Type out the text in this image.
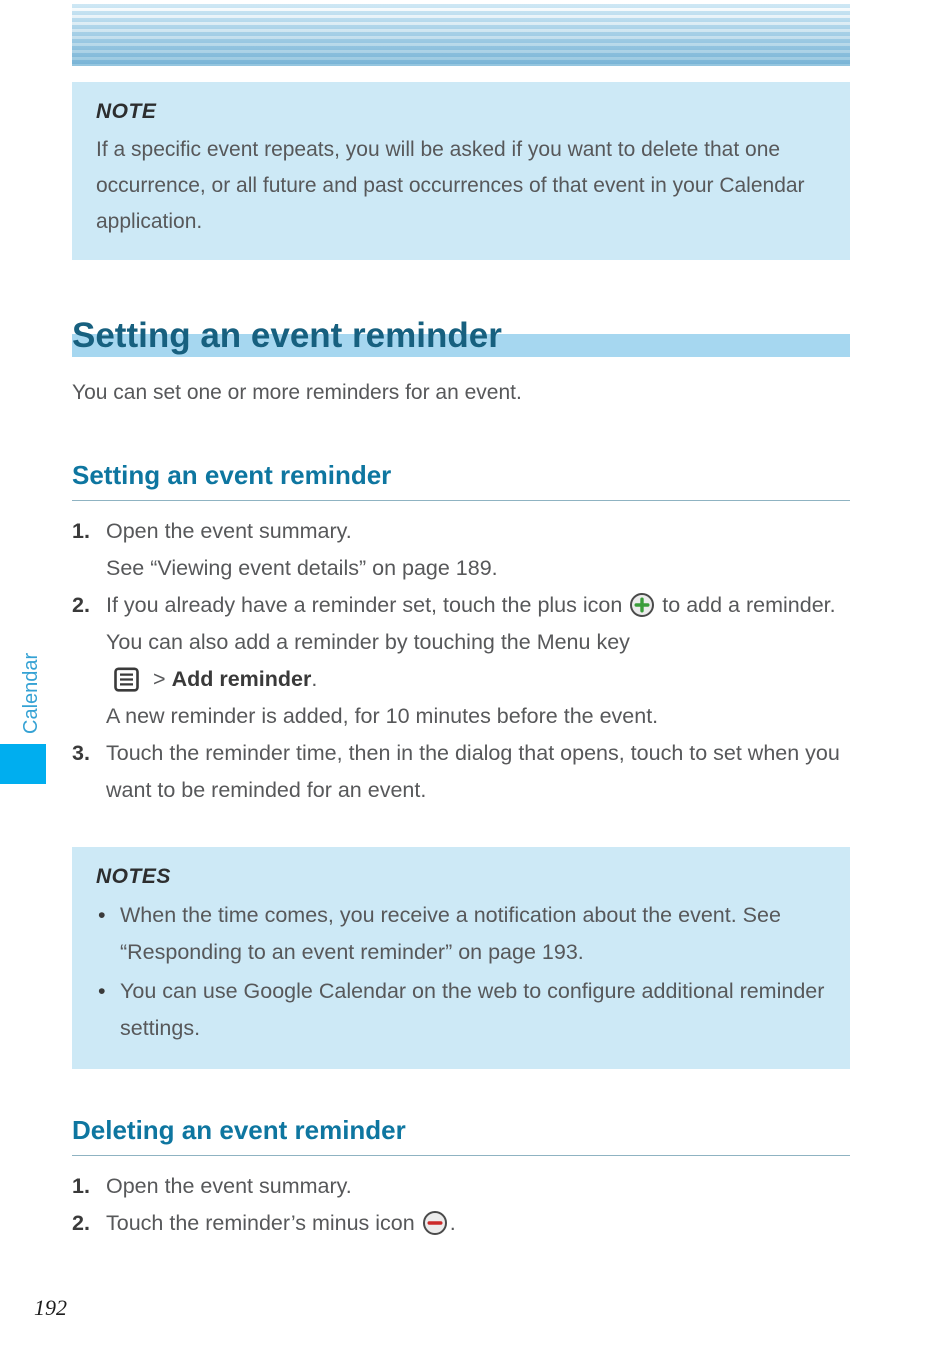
NOTE

If a specific event repeats, you will be asked if you want to delete that one occurrence, or all future and past occurrences of that event in your Calendar application.

Setting an event reminder

You can set one or more reminders for an event.

Setting an event reminder
1. Open the event summary.

See “Viewing event details” on page 189.

2. If you already have a reminder set, touch the plus icon to add a reminder. You can also add a reminder by touching the Menu key
> Add reminder.

A new reminder is added, for 10 minutes before the event.

3. Touch the reminder time, then in the dialog that opens, touch to set when you want to be reminded for an event.

NOTES
• When the time comes, you receive a notification about the event. See “Responding to an event reminder” on page 193.
• You can use Google Calendar on the web to configure additional reminder settings.
Deleting an event reminder
1. Open the event summary.

2. Touch the reminder’s minus icon .

Calendar
192
